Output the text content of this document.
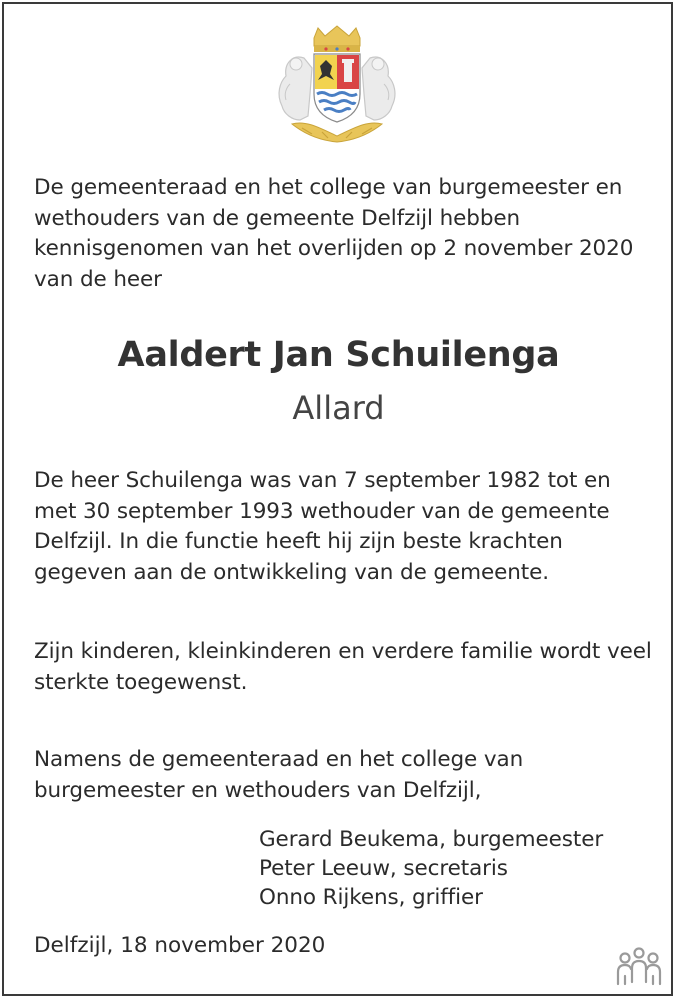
De gemeenteraad en het college van burgemeester en wethouders van de gemeente Delfzijl hebben kennisgenomen van het overlijden op 2 november 2020 van de heer

Aaldert Jan Schuilenga
Allard

De heer Schuilenga was van 7 september 1982 tot en met 30 september 1993 wethouder van de gemeente Delfzijl. In die functie heeft hij zijn beste krachten gegeven aan de ontwikkeling van de gemeente.

Zijn kinderen, kleinkinderen en verdere familie wordt veel sterkte toegewenst.

Namens de gemeenteraad en het college van burgemeester en wethouders van Delfzijl,

Gerard Beukema, burgemeester
Peter Leeuw, secretaris
Onno Rijkens, griffier
Delfzijl, 18 november 2020
